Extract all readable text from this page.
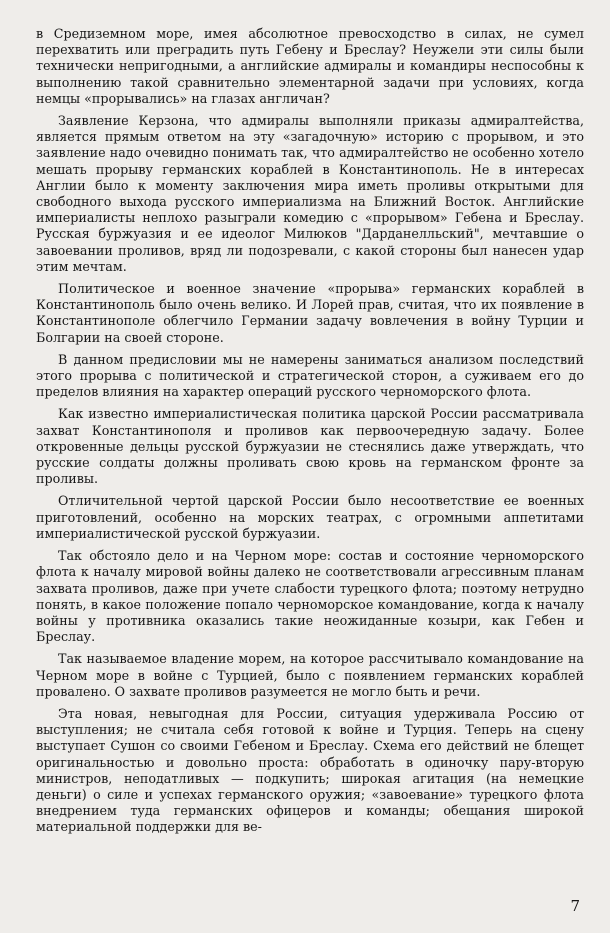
в Средиземном море, имея абсолютное превосходство в силах, не сумел перехватить или преградить путь Гебену и Бреслау? Неужели эти силы были технически непригодными, а английские адмиралы и командиры неспособны к выполнению такой сравнительно элементарной задачи при условиях, когда немцы «прорывались» на глазах англичан?

Заявление Керзона, что адмиралы выполняли приказы адмиралтейства, является прямым ответом на эту «загадочную» историю с прорывом, и это заявление надо очевидно понимать так, что адмиралтейство не особенно хотело мешать прорыву германских кораблей в Константинополь. Не в интересах Англии было к моменту заключения мира иметь проливы открытыми для свободного выхода русского империализма на Ближний Восток. Английские империалисты неплохо разыграли комедию с «прорывом» Гебена и Бреслау. Русская буржуазия и ее идеолог Милюков "Дарданелльский", мечтавшие о завоевании проливов, вряд ли подозревали, с какой стороны был нанесен удар этим мечтам.

Политическое и военное значение «прорыва» германских кораблей в Константинополь было очень велико. И Лорей прав, считая, что их появление в Константинополе облегчило Германии задачу вовлечения в войну Турции и Болгарии на своей стороне.

В данном предисловии мы не намерены заниматься анализом последствий этого прорыва с политической и стратегической сторон, а суживаем его до пределов влияния на характер операций русского черноморского флота.

Как известно империалистическая политика царской России рассматривала захват Константинополя и проливов как первоочередную задачу. Более откровенные дельцы русской буржуазии не стеснялись даже утверждать, что русские солдаты должны проливать свою кровь на германском фронте за проливы.

Отличительной чертой царской России было несоответствие ее военных приготовлений, особенно на морских театрах, с огромными аппетитами империалистической русской буржуазии.

Так обстояло дело и на Черном море: состав и состояние черноморского флота к началу мировой войны далеко не соответствовали агрессивным планам захвата проливов, даже при учете слабости турецкого флота; поэтому нетрудно понять, в какое положение попало черноморское командование, когда к началу войны у противника оказались такие неожиданные козыри, как Гебен и Бреслау.

Так называемое владение морем, на которое рассчитывало командование на Черном море в войне с Турцией, было с появлением германских кораблей провалено. О захвате проливов разумеется не могло быть и речи.

Эта новая, невыгодная для России, ситуация удерживала Россию от выступления; не считала себя готовой к войне и Турция. Теперь на сцену выступает Сушон со своими Гебеном и Бреслау. Схема его действий не блещет оригинальностью и довольно проста: обработать в одиночку пару-вторую министров, неподатливых — подкупить; широкая агитация (на немецкие деньги) о силе и успехах германского оружия; «завоевание» турецкого флота внедрением туда германских офицеров и команды; обещания широкой материальной поддержки для ве-

7
